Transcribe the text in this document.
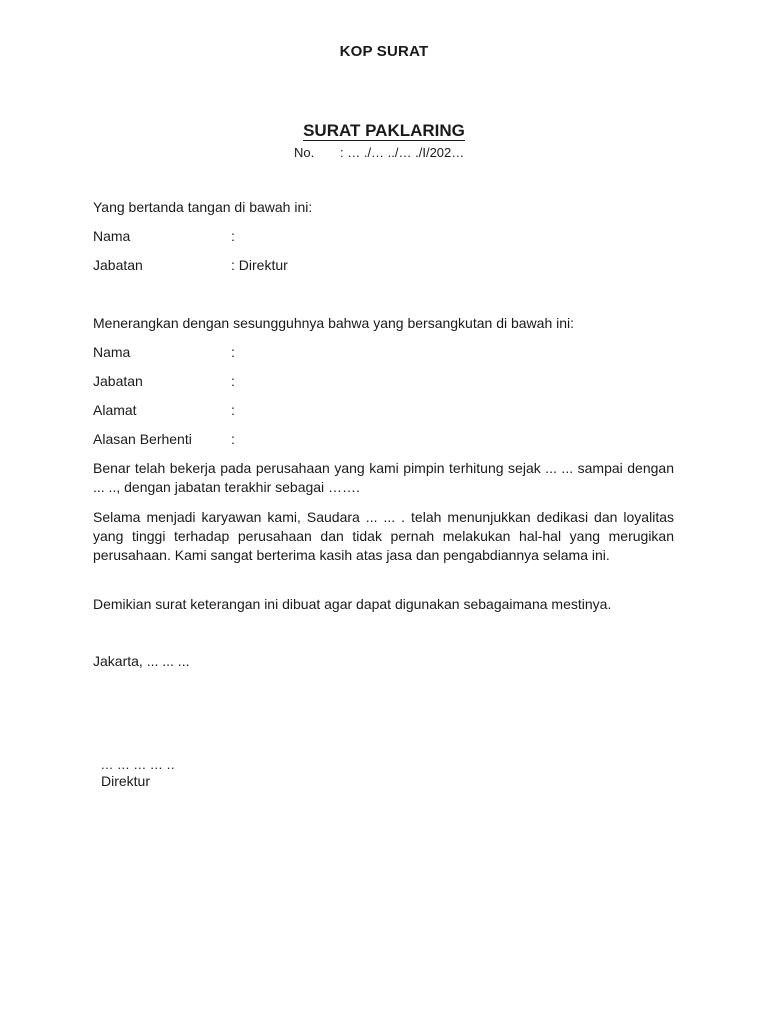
KOP SURAT
SURAT PAKLARING
No. : … ./… ../… ./I/202…
Yang bertanda tangan di bawah ini:
Nama	:
Jabatan	: Direktur
Menerangkan dengan sesungguhnya bahwa yang bersangkutan di bawah ini:
Nama	:
Jabatan	:
Alamat	:
Alasan Berhenti	:
Benar telah bekerja pada perusahaan yang kami pimpin terhitung sejak ... ... sampai dengan ... .., dengan jabatan terakhir sebagai …….
Selama menjadi karyawan kami, Saudara ... ... . telah menunjukkan dedikasi dan loyalitas yang tinggi terhadap perusahaan dan tidak pernah melakukan hal-hal yang merugikan perusahaan. Kami sangat berterima kasih atas jasa dan pengabdiannya selama ini.
Demikian surat keterangan ini dibuat agar dapat digunakan sebagaimana mestinya.
Jakarta, ... ... ...
... ... ... ... ..
Direktur
